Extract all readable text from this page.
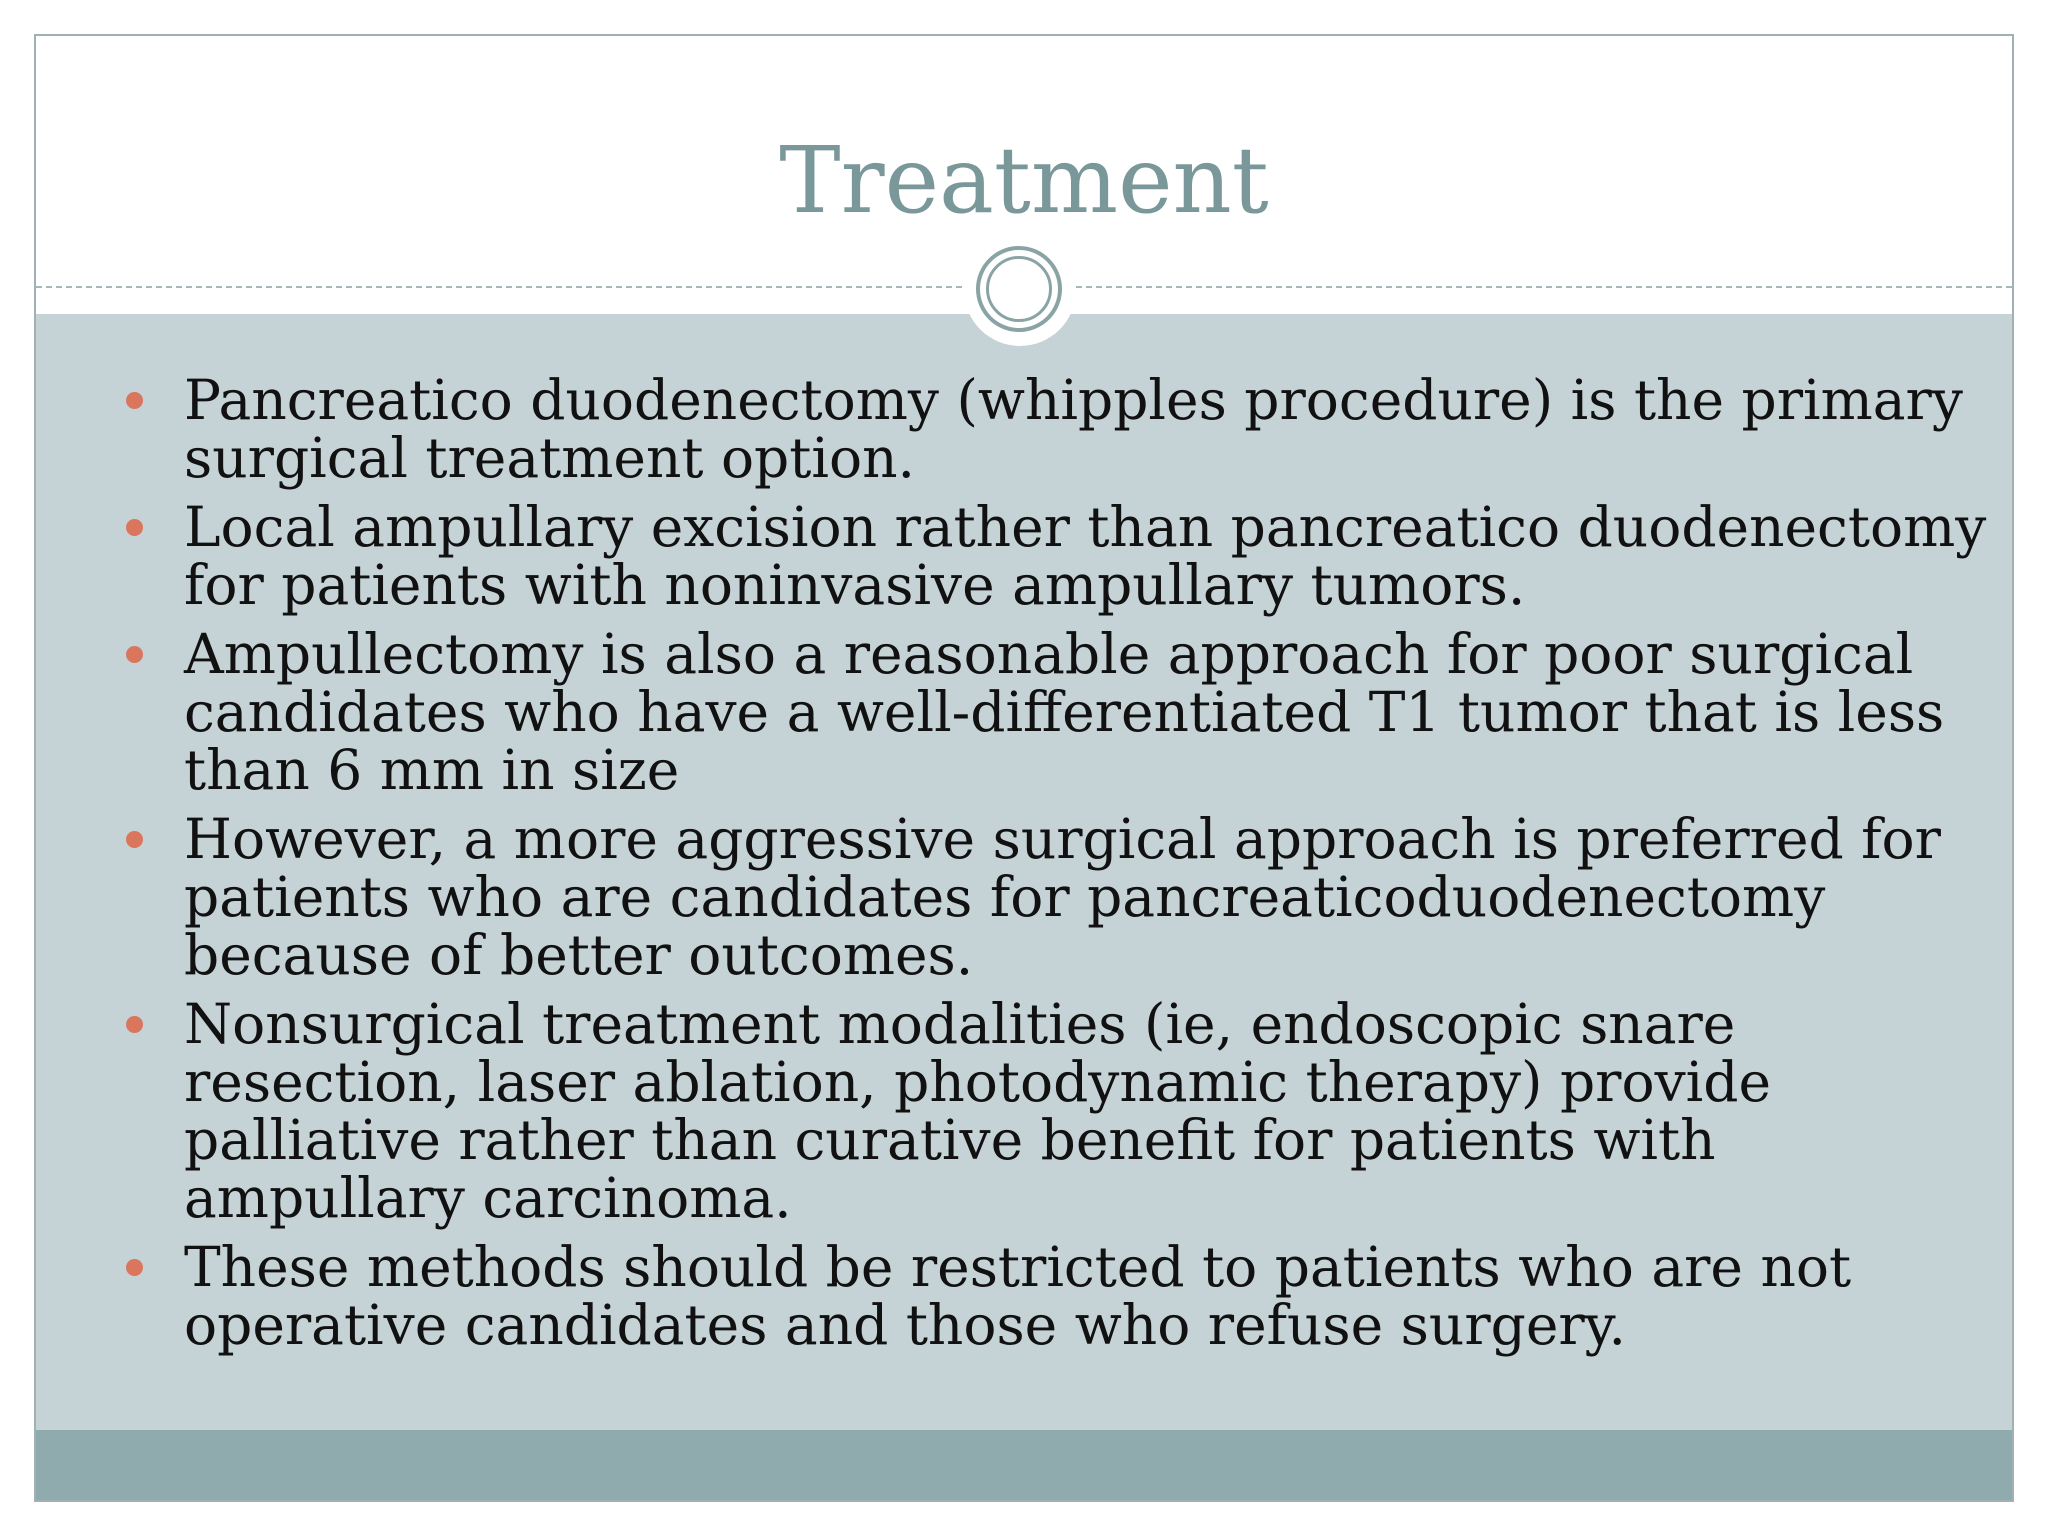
Treatment
Pancreatico duodenectomy (whipples procedure) is the primary surgical treatment option.
Local ampullary excision rather than pancreatico duodenectomy for patients with noninvasive ampullary tumors.
Ampullectomy is also a reasonable approach for poor surgical candidates who have a well-differentiated T1 tumor that is less than 6 mm in size
However, a more aggressive surgical approach is preferred for patients who are candidates for pancreaticoduodenectomy because of better outcomes.
Nonsurgical treatment modalities (ie, endoscopic snare resection, laser ablation, photodynamic therapy) provide palliative rather than curative benefit for patients with ampullary carcinoma.
These methods should be restricted to patients who are not operative candidates and those who refuse surgery.
